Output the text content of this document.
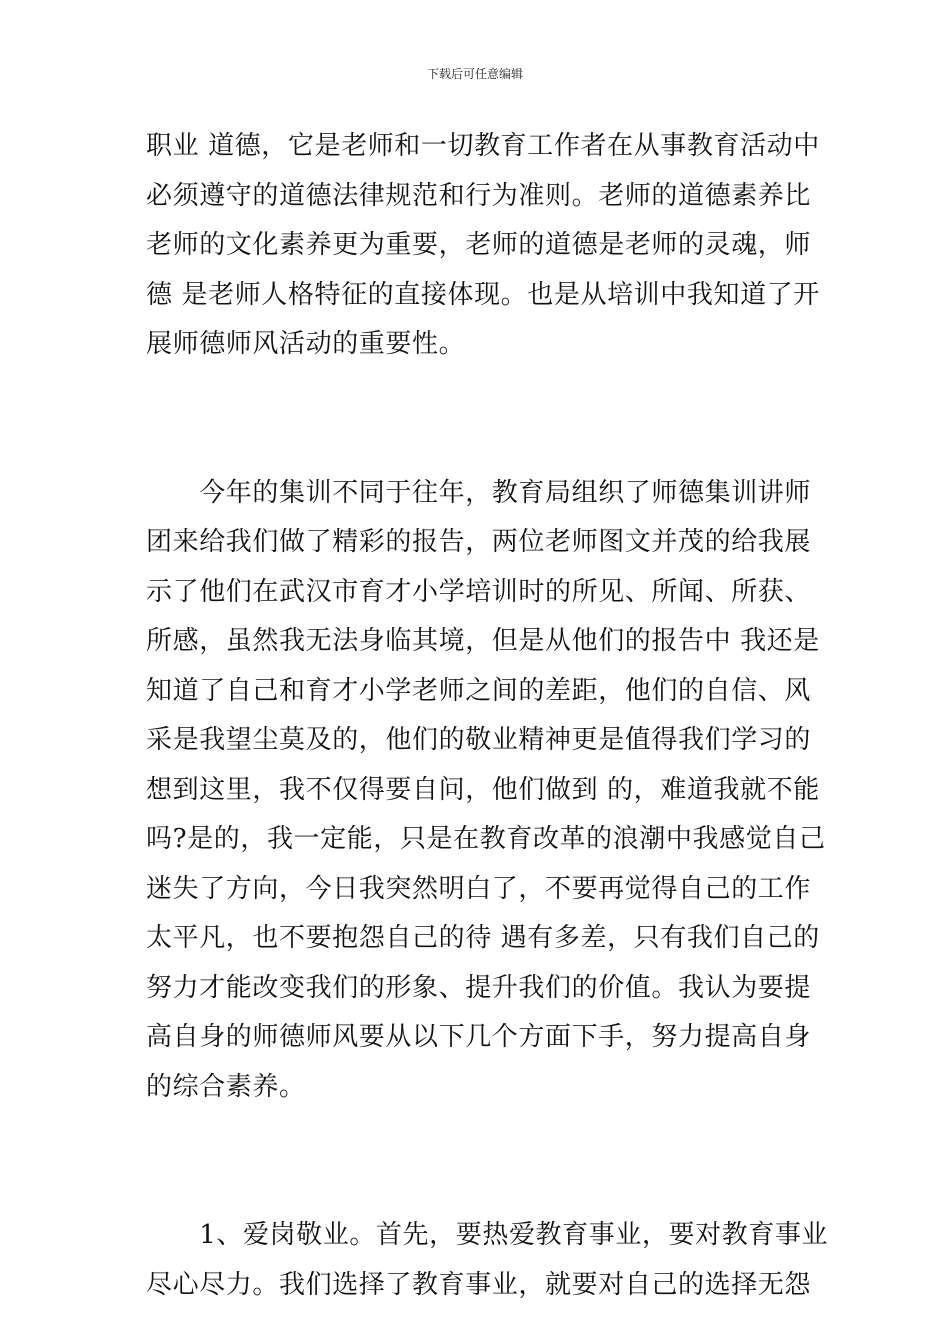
下载后可任意编辑
职业 道德，它是老师和一切教育工作者在从事教育活动中
必须遵守的道德法律规范和行为准则。老师的道德素养比
老师的文化素养更为重要，老师的道德是老师的灵魂，师
德 是老师人格特征的直接体现。也是从培训中我知道了开
展师德师风活动的重要性。
　　今年的集训不同于往年，教育局组织了师德集训讲师
团来给我们做了精彩的报告，两位老师图文并茂的给我展
示了他们在武汉市育才小学培训时的所见、所闻、所获、
所感，虽然我无法身临其境，但是从他们的报告中 我还是
知道了自己和育才小学老师之间的差距，他们的自信、风
采是我望尘莫及的，他们的敬业精神更是值得我们学习的
想到这里，我不仅得要自问，他们做到 的，难道我就不能
吗?是的，我一定能，只是在教育改革的浪潮中我感觉自己
迷失了方向，今日我突然明白了，不要再觉得自己的工作
太平凡，也不要抱怨自己的待 遇有多差，只有我们自己的
努力才能改变我们的形象、提升我们的价值。我认为要提
高自身的师德师风要从以下几个方面下手，努力提高自身
的综合素养。
　　1、爱岗敬业。首先，要热爱教育事业，要对教育事业
尽心尽力。我们选择了教育事业，就要对自己的选择无怨
